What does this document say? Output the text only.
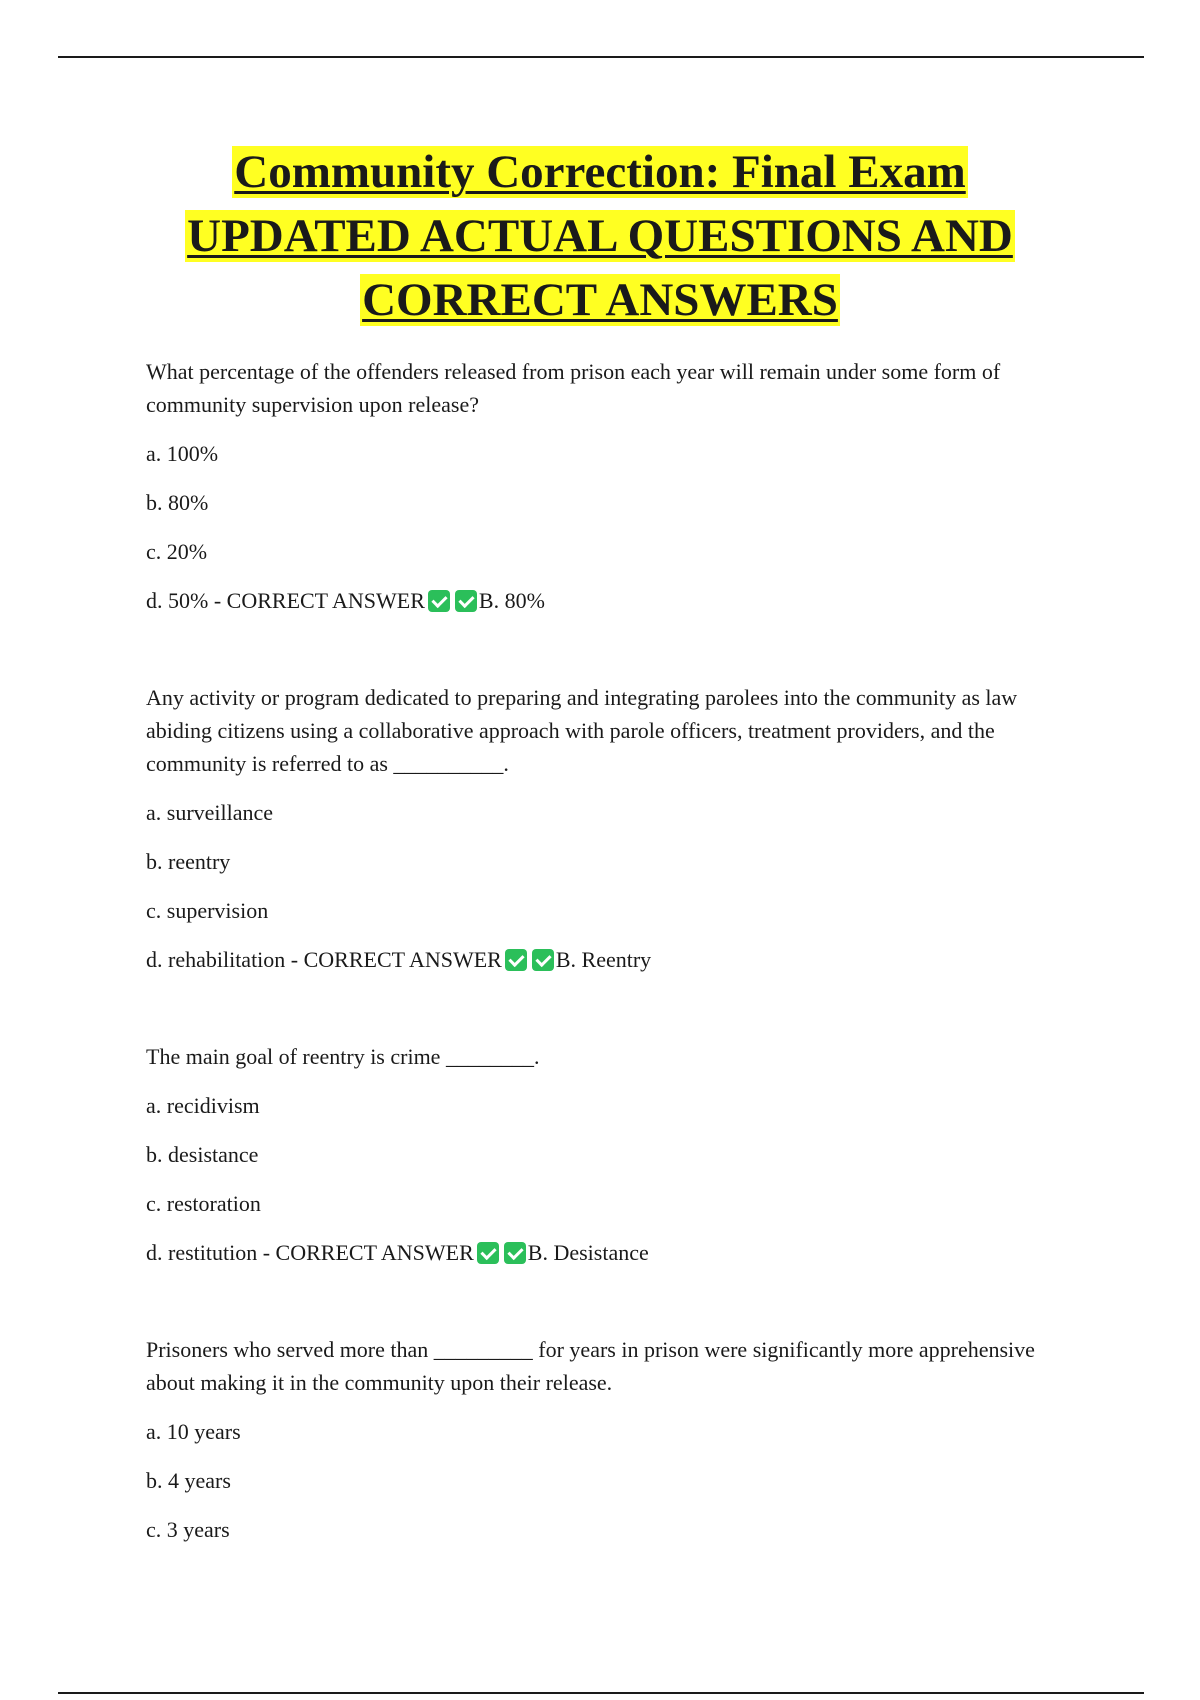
Community Correction: Final Exam
UPDATED ACTUAL QUESTIONS AND
CORRECT ANSWERS

What percentage of the offenders released from prison each year will remain under some form of community supervision upon release?

a. 100%

b. 80%

c. 20%

d. 50% - CORRECT ANSWER B. 80%

Any activity or program dedicated to preparing and integrating parolees into the community as law abiding citizens using a collaborative approach with parole officers, treatment providers, and the community is referred to as __________.

a. surveillance

b. reentry

c. supervision

d. rehabilitation - CORRECT ANSWER B. Reentry

The main goal of reentry is crime ________.

a. recidivism

b. desistance

c. restoration

d. restitution - CORRECT ANSWER B. Desistance

Prisoners who served more than _________ for years in prison were significantly more apprehensive about making it in the community upon their release.

a. 10 years

b. 4 years

c. 3 years
